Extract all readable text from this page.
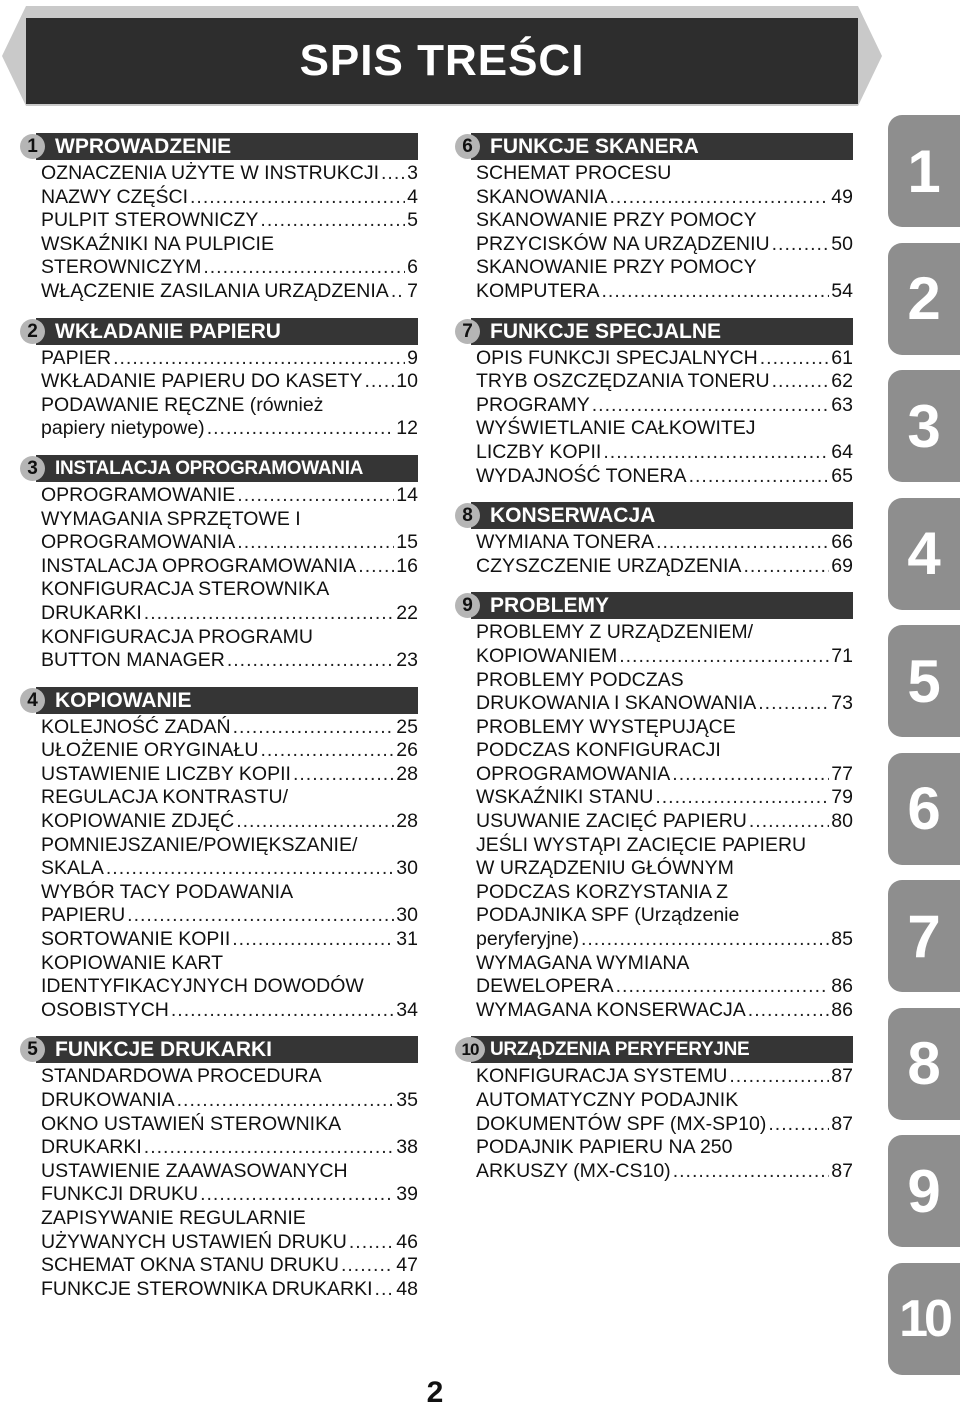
SPIS TREŚCI
1 WPROWADZENIE
OZNACZENIA UŻYTE W INSTRUKCJI ..... 3
NAZWY CZĘŚCI .....	4
PULPIT STEROWNICZY .....	5
WSKAŹNIKI NA PULPICIE
STEROWNICZYM .....	6
WŁĄCZENIE ZASILANIA URZĄDZENIA ..... 7
2 WKŁADANIE PAPIERU
PAPIER .....	9
WKŁADANIE PAPIERU DO KASETY ..... 10
PODAWANIE RĘCZNE (również
papiery nietypowe) .....	12
3 INSTALACJA OPROGRAMOWANIA
OPROGRAMOWANIE .....	14
WYMAGANIA SPRZĘTOWE I
OPROGRAMOWANIA .....	15
INSTALACJA OPROGRAMOWANIA ..... 16
KONFIGURACJA STEROWNIKA
DRUKARKI .....	22
KONFIGURACJA PROGRAMU
BUTTON MANAGER .....	23
4 KOPIOWANIE
KOLEJNOŚĆ ZADAŃ .....	25
UŁOŻENIE ORYGINAŁU .....	26
USTAWIENIE LICZBY KOPII .....	28
REGULACJA KONTRASTU/
KOPIOWANIE ZDJĘĆ .....	28
POMNIEJSZANIE/POWIĘKSZANIE/
SKALA .....	30
WYBÓR TACY PODAWANIA
PAPIERU .....	30
SORTOWANIE KOPII .....	31
KOPIOWANIE KART
IDENTYFIKACYJNYCH DOWODÓW
OSOBISTYCH .....	34
5 FUNKCJE DRUKARKI
STANDARDOWA PROCEDURA
DRUKOWANIA .....	35
OKNO USTAWIEŃ STEROWNIKA
DRUKARKI .....	38
USTAWIENIE ZAAWASOWANYCH
FUNKCJI DRUKU .....	39
ZAPISYWANIE REGULARNIE
UŻYWANYCH USTAWIEŃ DRUKU .....	46
SCHEMAT OKNA STANU DRUKU .....	47
FUNKCJE STEROWNIKA DRUKARKI ..... 48
6 FUNKCJE SKANERA
SCHEMAT PROCESU
SKANOWANIA .....	49
SKANOWANIE PRZY POMOCY
PRZYCISKÓW NA URZĄDZENIU .....	50
SKANOWANIE PRZY POMOCY
KOMPUTERA .....	54
7 FUNKCJE SPECJALNE
OPIS FUNKCJI SPECJALNYCH .....	61
TRYB OSZCZĘDZANIA TONERU .....	62
PROGRAMY .....	63
WYŚWIETLANIE CAŁKOWITEJ
LICZBY KOPII .....	64
WYDAJNOŚĆ TONERA .....	65
8 KONSERWACJA
WYMIANA TONERA .....	66
CZYSZCZENIE URZĄDZENIA .....	69
9 PROBLEMY
PROBLEMY Z URZĄDZENIEM/
KOPIOWANIEM .....	71
PROBLEMY PODCZAS
DRUKOWANIA I SKANOWANIA .....	73
PROBLEMY WYSTĘPUJĄCE
PODCZAS KONFIGURACJI
OPROGRAMOWANIA .....	77
WSKAŹNIKI STANU .....	79
USUWANIE ZACIĘĆ PAPIERU .....	80
JEŚLI WYSTĄPI ZACIĘCIE PAPIERU
W URZĄDZENIU GŁÓWNYM
PODCZAS KORZYSTANIA Z
PODAJNIKA SPF (Urządzenie
peryferyjne) .....	85
WYMAGANA WYMIANA
DEWELOPERA .....	86
WYMAGANA KONSERWACJA .....	86
10 URZĄDZENIA PERYFERYJNE
KONFIGURACJA SYSTEMU .....	87
AUTOMATYCZNY PODAJNIK
DOKUMENTÓW SPF (MX-SP10) .....	87
PODAJNIK PAPIERU NA 250
ARKUSZY (MX-CS10) .....	87
1
2
3
4
5
6
7
8
9
10
2
